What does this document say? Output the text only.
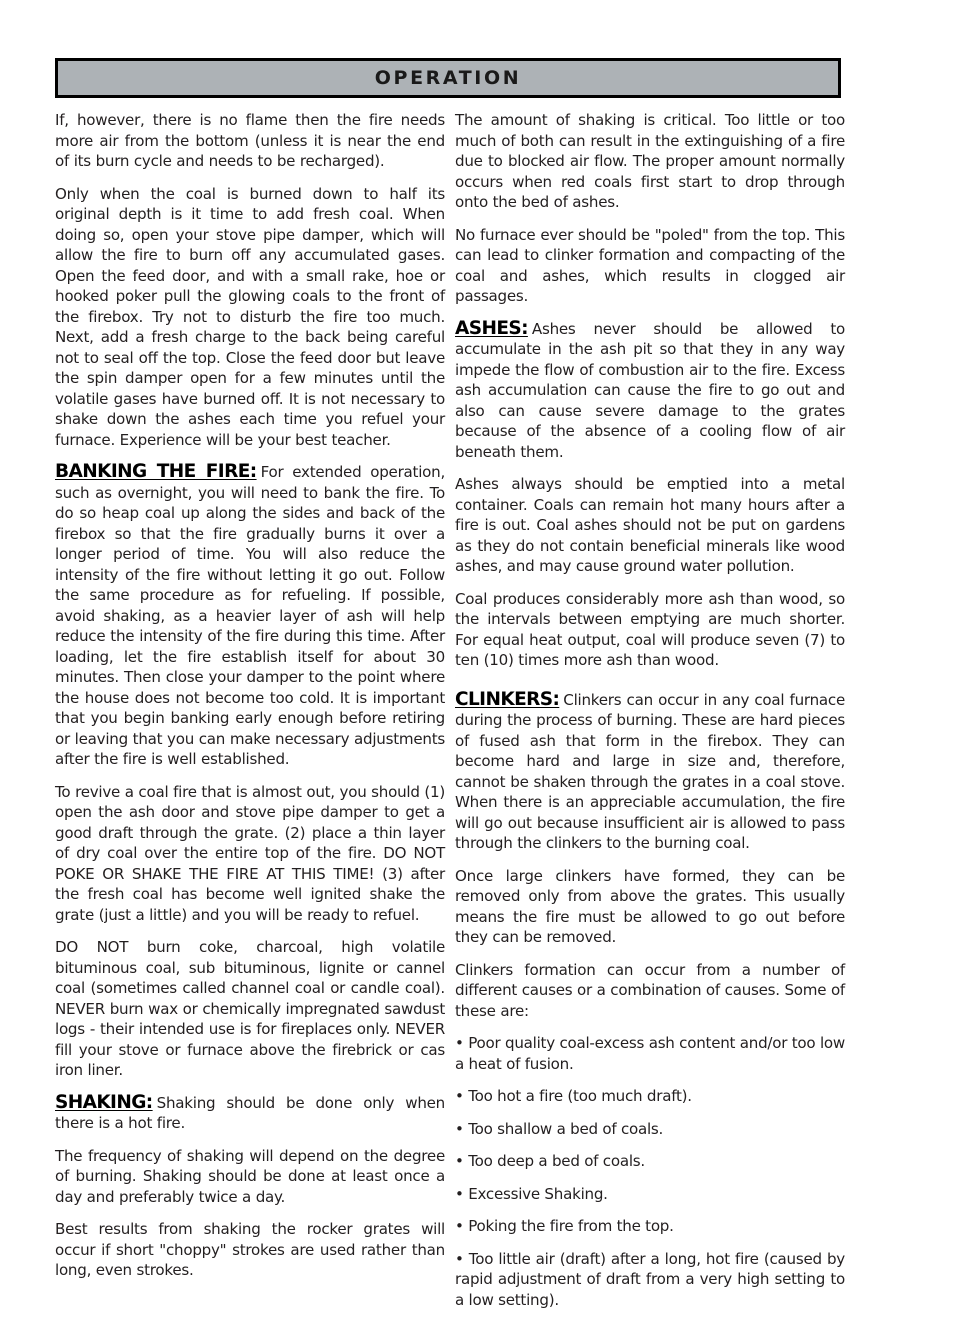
OPERATION

If, however, there is no flame then the fire needs more air from the bottom (unless it is near the end of its burn cycle and needs to be recharged).

Only when the coal is burned down to half its original depth is it time to add fresh coal. When doing so, open your stove pipe damper, which will allow the fire to burn off any accumulated gases. Open the feed door, and with a small rake, hoe or hooked poker pull the glowing coals to the front of the firebox. Try not to disturb the fire too much. Next, add a fresh charge to the back being careful not to seal off the top. Close the feed door but leave the spin damper open for a few minutes until the volatile gases have burned off. It is not necessary to shake down the ashes each time you refuel your furnace. Experience will be your best teacher.

BANKING THE FIRE: For extended operation, such as overnight, you will need to bank the fire. To do so heap coal up along the sides and back of the firebox so that the fire gradually burns it over a longer period of time. You will also reduce the intensity of the fire without letting it go out. Follow the same procedure as for refueling. If possible, avoid shaking, as a heavier layer of ash will help reduce the intensity of the fire during this time. After loading, let the fire establish itself for about 30 minutes. Then close your damper to the point where the house does not become too cold. It is important that you begin banking early enough before retiring or leaving that you can make necessary adjustments after the fire is well established.

To revive a coal fire that is almost out, you should (1) open the ash door and stove pipe damper to get a good draft through the grate. (2) place a thin layer of dry coal over the entire top of the fire. DO NOT POKE OR SHAKE THE FIRE AT THIS TIME! (3) after the fresh coal has become well ignited shake the grate (just a little) and you will be ready to refuel.

DO NOT burn coke, charcoal, high volatile bituminous coal, sub bituminous, lignite or cannel coal (sometimes called channel coal or candle coal). NEVER burn wax or chemically impregnated sawdust logs - their intended use is for fireplaces only. NEVER fill your stove or furnace above the firebrick or cas iron liner.

SHAKING: Shaking should be done only when there is a hot fire.

The frequency of shaking will depend on the degree of burning. Shaking should be done at least once a day and preferably twice a day.

Best results from shaking the rocker grates will occur if short "choppy" strokes are used rather than long, even strokes.

The amount of shaking is critical. Too little or too much of both can result in the extinguishing of a fire due to blocked air flow. The proper amount normally occurs when red coals first start to drop through onto the bed of ashes.

No furnace ever should be "poled" from the top. This can lead to clinker formation and compacting of the coal and ashes, which results in clogged air passages.

ASHES: Ashes never should be allowed to accumulate in the ash pit so that they in any way impede the flow of combustion air to the fire. Excess ash accumulation can cause the fire to go out and also can cause severe damage to the grates because of the absence of a cooling flow of air beneath them.

Ashes always should be emptied into a metal container. Coals can remain hot many hours after a fire is out. Coal ashes should not be put on gardens as they do not contain beneficial minerals like wood ashes, and may cause ground water pollution.

Coal produces considerably more ash than wood, so the intervals between emptying are much shorter. For equal heat output, coal will produce seven (7) to ten (10) times more ash than wood.

CLINKERS: Clinkers can occur in any coal furnace during the process of burning. These are hard pieces of fused ash that form in the firebox. They can become hard and large in size and, therefore, cannot be shaken through the grates in a coal stove. When there is an appreciable accumulation, the fire will go out because insufficient air is allowed to pass through the clinkers to the burning coal.

Once large clinkers have formed, they can be removed only from above the grates. This usually means the fire must be allowed to go out before they can be removed.

Clinkers formation can occur from a number of different causes or a combination of causes. Some of these are:

• Poor quality coal-excess ash content and/or too low a heat of fusion.

• Too hot a fire (too much draft).

• Too shallow a bed of coals.

• Too deep a bed of coals.

• Excessive Shaking.

• Poking the fire from the top.

• Too little air (draft) after a long, hot fire (caused by rapid adjustment of draft from a very high setting to a low setting).
